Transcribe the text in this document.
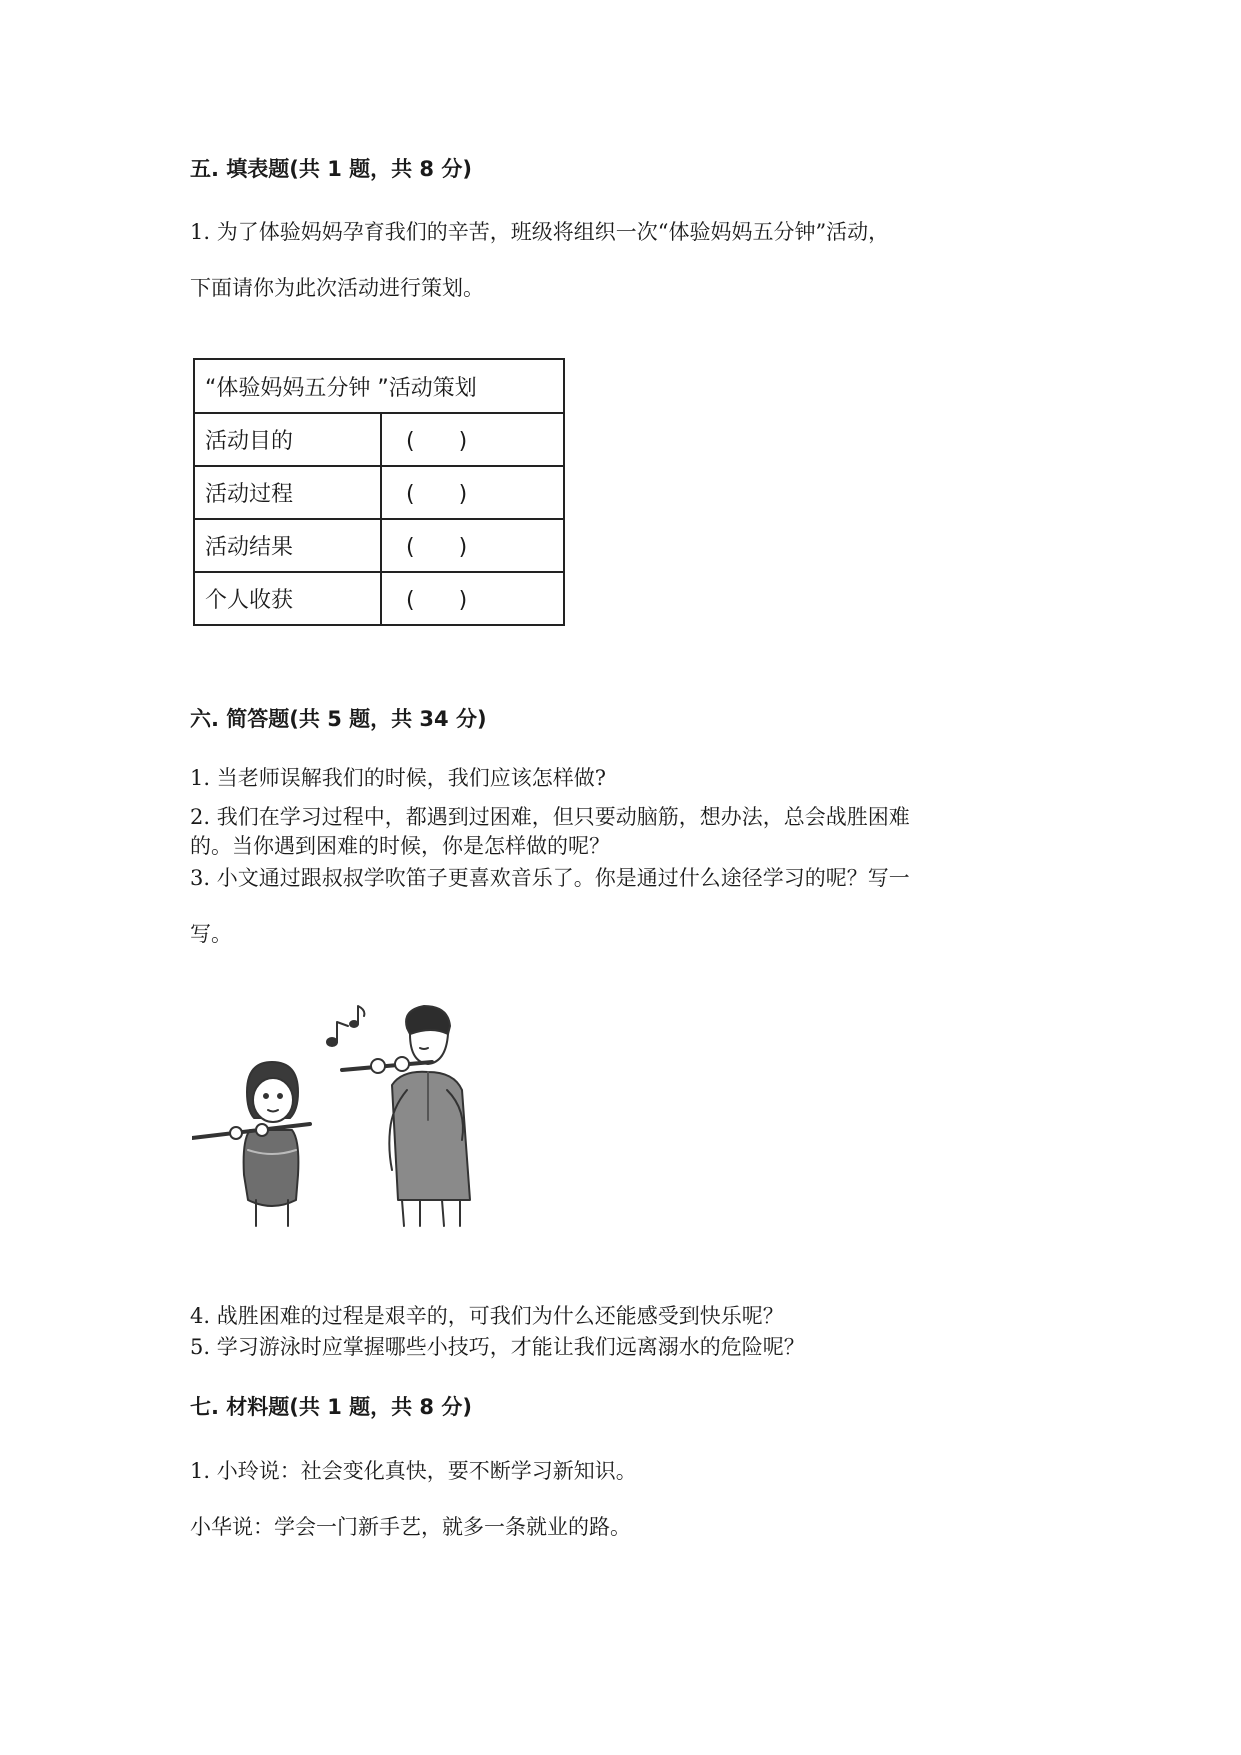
五. 填表题(共 1 题，共 8 分)
1. 为了体验妈妈孕育我们的辛苦，班级将组织一次“体验妈妈五分钟”活动，
下面请你为此次活动进行策划。
“体验妈妈五分钟 ”活动策划	
活动目的	(　　)
活动过程	(　　)
活动结果	(　　)
个人收获	(　　)
六. 简答题(共 5 题，共 34 分)
1. 当老师误解我们的时候，我们应该怎样做?
2. 我们在学习过程中，都遇到过困难，但只要动脑筋，想办法，总会战胜困难
的。当你遇到困难的时候，你是怎样做的呢？
3. 小文通过跟叔叔学吹笛子更喜欢音乐了。你是通过什么途径学习的呢？写一
写。
4. 战胜困难的过程是艰辛的，可我们为什么还能感受到快乐呢？
5. 学习游泳时应掌握哪些小技巧，才能让我们远离溺水的危险呢？
七. 材料题(共 1 题，共 8 分)
1. 小玲说：社会变化真快，要不断学习新知识。
小华说：学会一门新手艺，就多一条就业的路。
